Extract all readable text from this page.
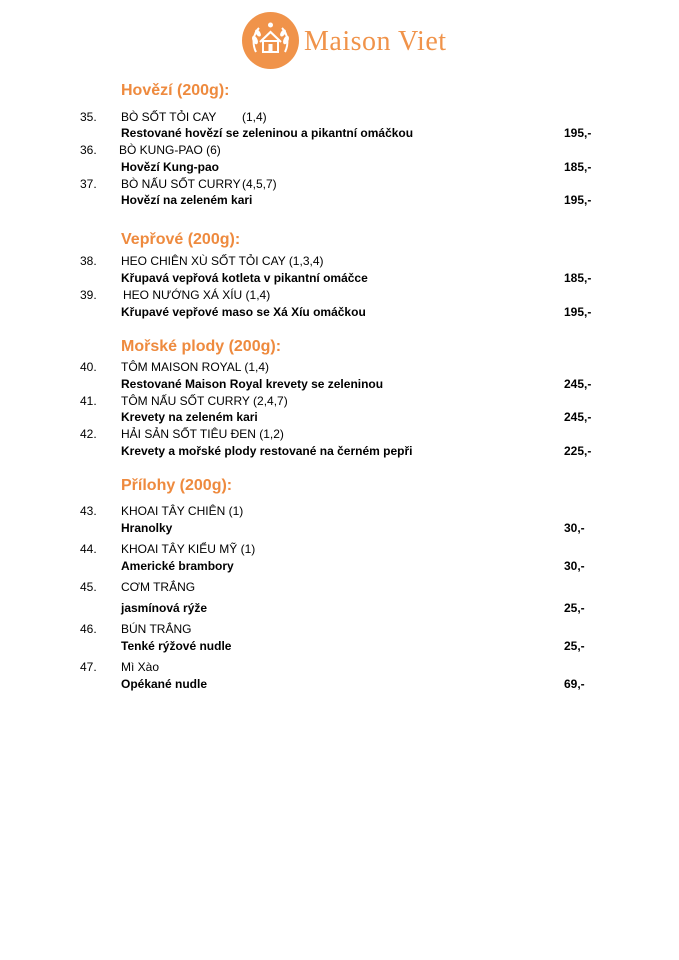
Maison Viet
Hovězí (200g):
35. BÒ SỐT TỎI CAY (1,4)
Restované hovězí se zeleninou a pikantní omáčkou	195,-
36. BÒ KUNG-PAO (6)
Hovězí Kung-pao	185,-
37. BÒ NẤU SỐT CURRY (4,5,7)
Hovězí na zeleném kari	195,-
Vepřové (200g):
38. HEO CHIÊN XÙ SỐT TỎI CAY (1,3,4)
Křupavá vepřová kotleta v pikantní omáčce	185,-
39. HEO NƯỚNG XÁ XÍU (1,4)
Křupavé vepřové maso se Xá Xíu omáčkou	195,-
Mořské plody (200g):
40. TÔM MAISON ROYAL (1,4)
Restované Maison Royal krevety se zeleninou	245,-
41. TÔM NẤU SỐT CURRY (2,4,7)
Krevety na zeleném kari	245,-
42. HẢI SẢN SỐT TIÊU ĐEN (1,2)
Krevety a mořské plody restované na černém pepři	225,-
Přílohy (200g):
43. KHOAI TÂY CHIÊN (1)
Hranolky	30,-
44. KHOAI TÂY KIỂU MỸ (1)
Americké brambory	30,-
45. CƠM TRẮNG
jasmínová rýže	25,-
46. BÚN TRẮNG
Tenké rýžové nudle	25,-
47. Mì Xào
Opékané nudle	69,-
